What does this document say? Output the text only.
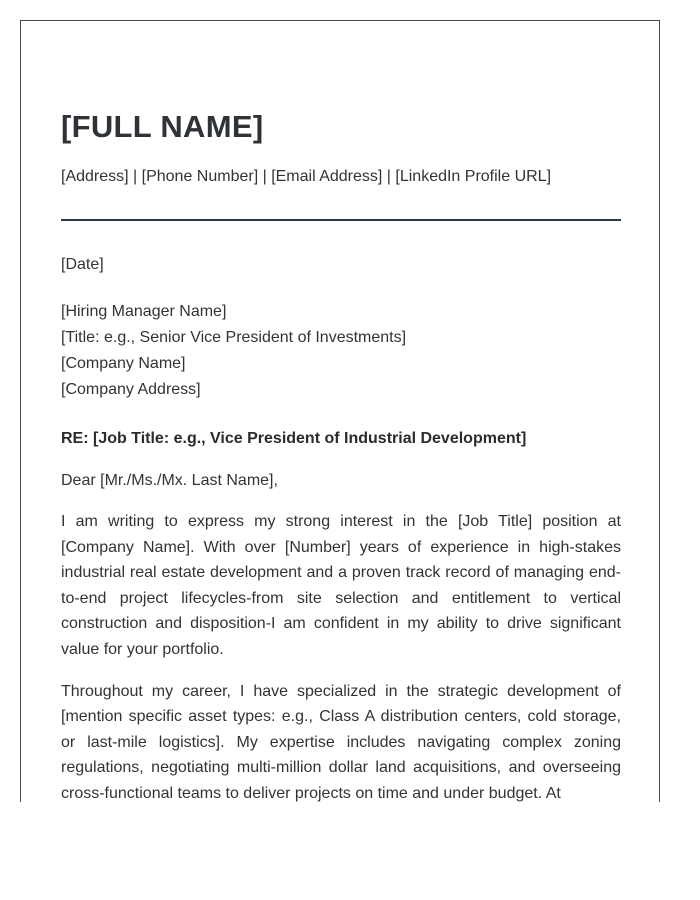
[FULL NAME]
[Address] | [Phone Number] | [Email Address] | [LinkedIn Profile URL]
[Date]
[Hiring Manager Name]
[Title: e.g., Senior Vice President of Investments]
[Company Name]
[Company Address]
RE: [Job Title: e.g., Vice President of Industrial Development]
Dear [Mr./Ms./Mx. Last Name],

I am writing to express my strong interest in the [Job Title] position at [Company Name]. With over [Number] years of experience in high-stakes industrial real estate development and a proven track record of managing end-to-end project lifecycles-from site selection and entitlement to vertical construction and disposition-I am confident in my ability to drive significant value for your portfolio.

Throughout my career, I have specialized in the strategic development of [mention specific asset types: e.g., Class A distribution centers, cold storage, or last-mile logistics]. My expertise includes navigating complex zoning regulations, negotiating multi-million dollar land acquisitions, and overseeing cross-functional teams to deliver projects on time and under budget. At
